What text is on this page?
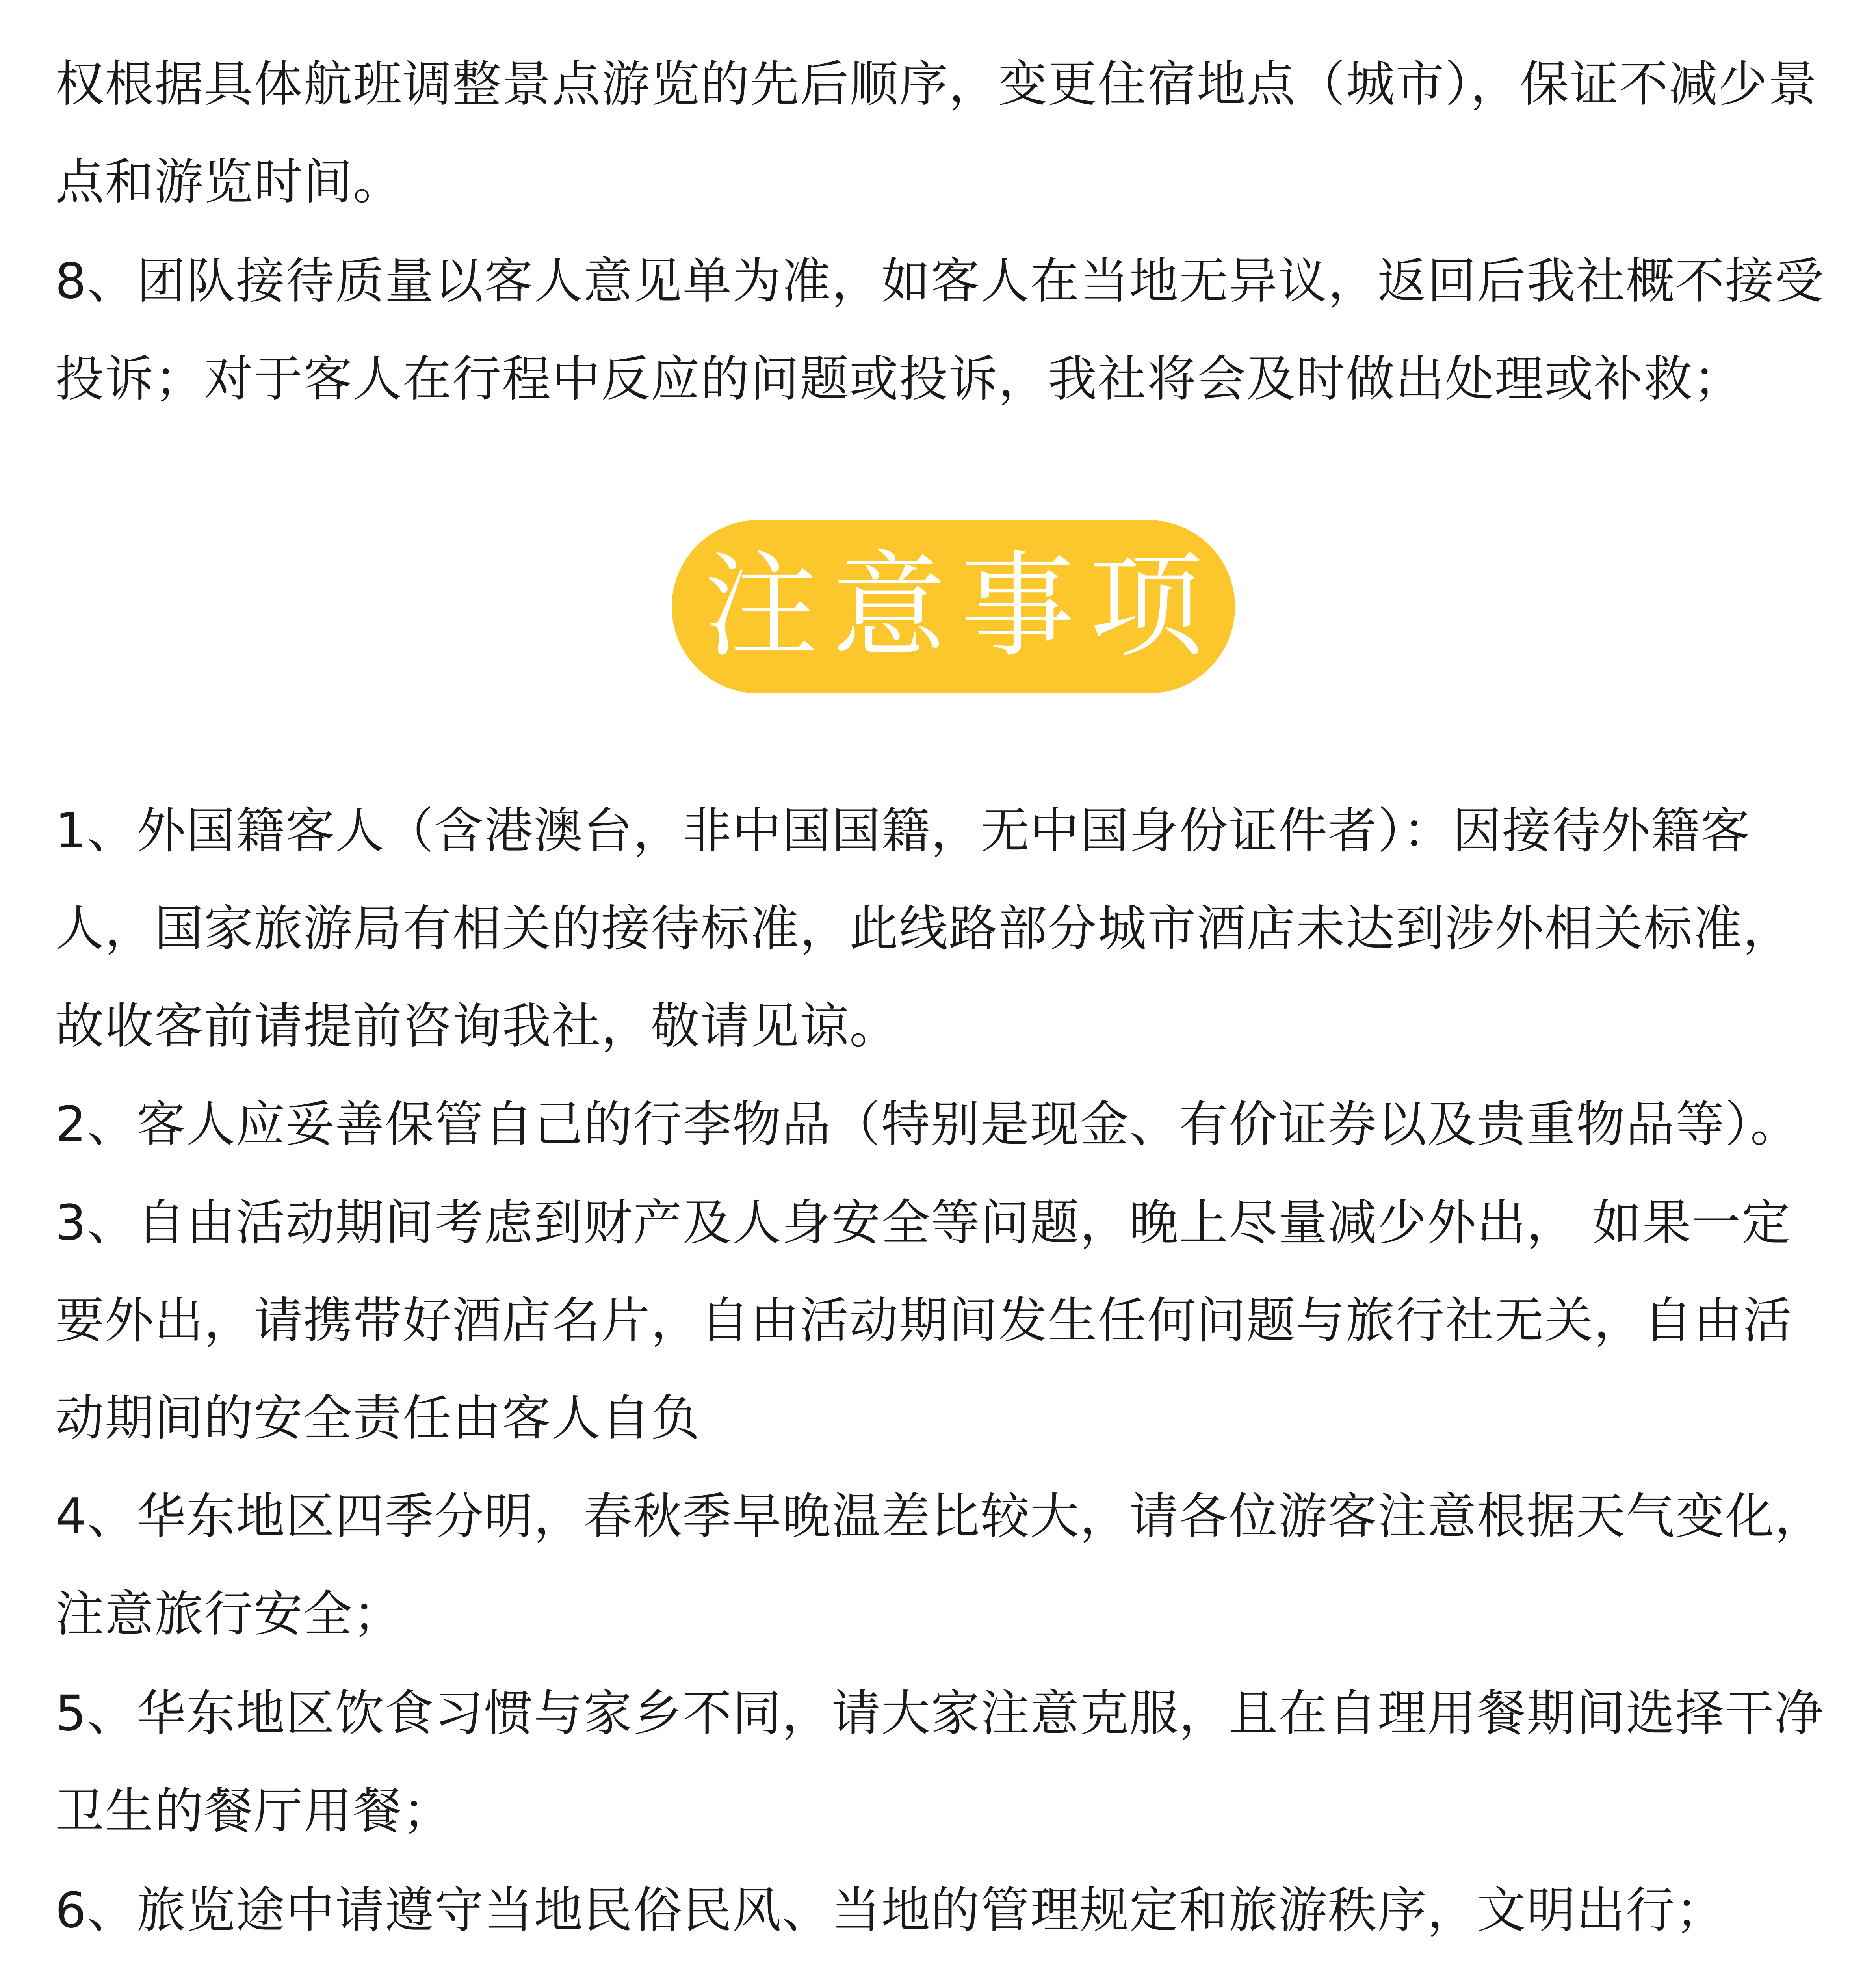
权根据具体航班调整景点游览的先后顺序，变更住宿地点（城市），保证不减少景点和游览时间。

8、团队接待质量以客人意见单为准，如客人在当地无异议，返回后我社概不接受投诉；对于客人在行程中反应的问题或投诉，我社将会及时做出处理或补救；

注意事项

1、外国籍客人（含港澳台，非中国国籍，无中国身份证件者）：因接待外籍客人，国家旅游局有相关的接待标准，此线路部分城市酒店未达到涉外相关标准，故收客前请提前咨询我社，敬请见谅。

2、客人应妥善保管自己的行李物品（特别是现金、有价证券以及贵重物品等）。

3、自由活动期间考虑到财产及人身安全等问题，晚上尽量减少外出， 如果一定要外出，请携带好酒店名片，自由活动期间发生任何问题与旅行社无关，自由活动期间的安全责任由客人自负

4、华东地区四季分明，春秋季早晚温差比较大，请各位游客注意根据天气变化，注意旅行安全；

5、华东地区饮食习惯与家乡不同，请大家注意克服，且在自理用餐期间选择干净卫生的餐厅用餐；

6、旅览途中请遵守当地民俗民风、当地的管理规定和旅游秩序，文明出行；
